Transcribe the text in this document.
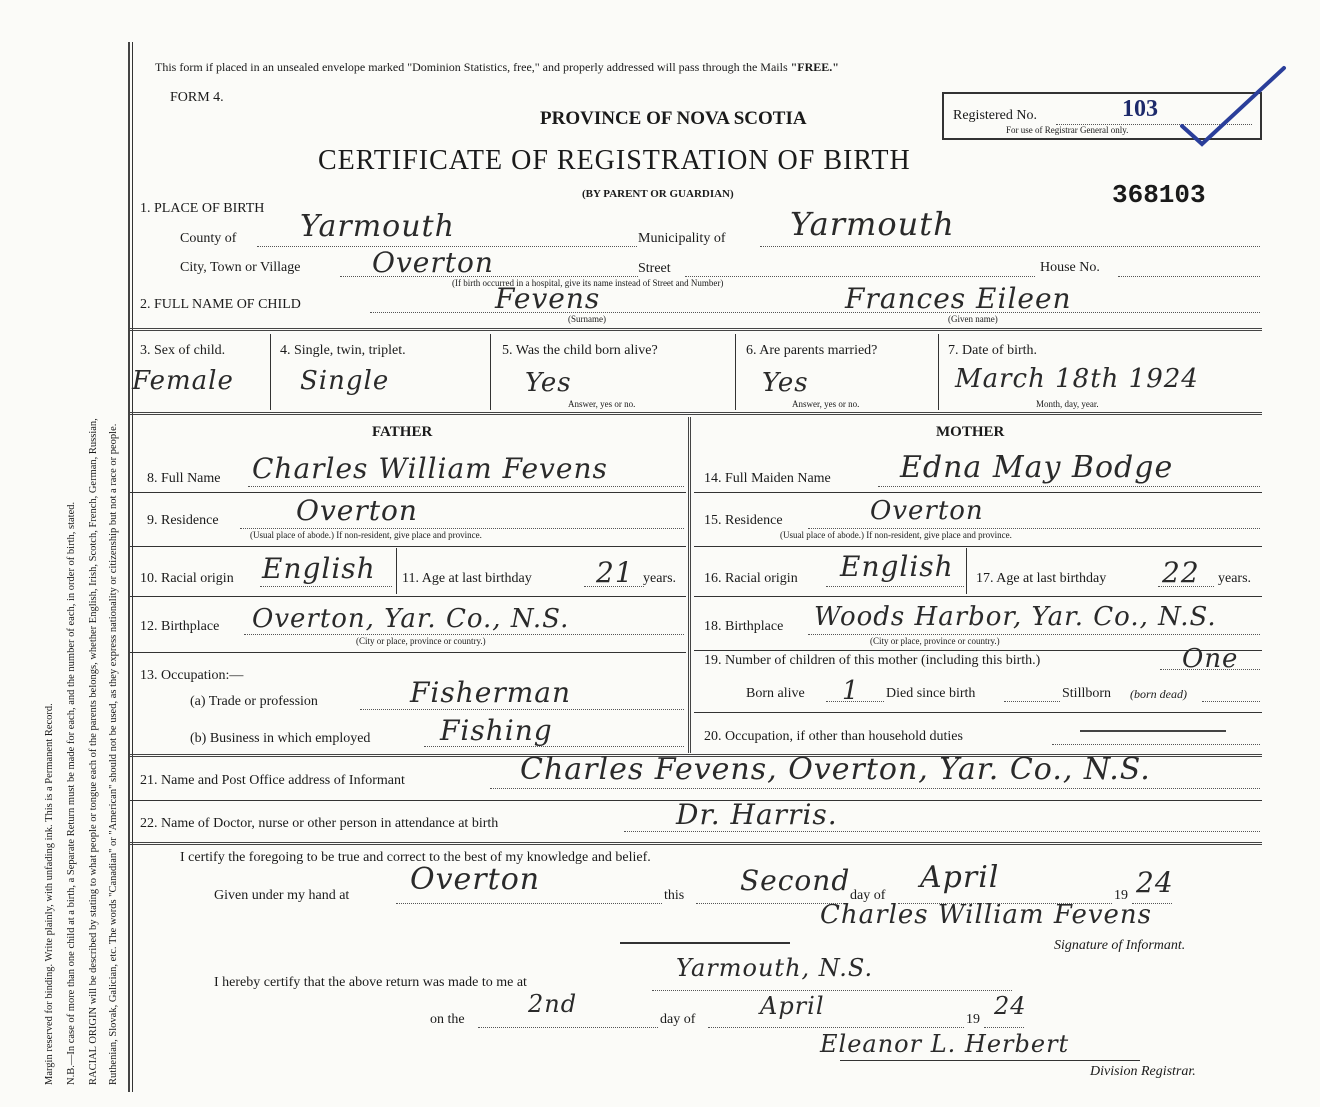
Margin reserved for binding. Write plainly, with unfading ink. This is a Permanent Record. N.B.—In case of more than one child at a birth, a Separate Return must be made for each, and the number of each, in order of birth, stated. RACIAL ORIGIN will be described by stating to what people or tongue each of the parents belongs, whether English, Irish, Scotch, French, German, Russian, Ruthenian, Slovak, Galician, etc. The words "Canadian" or "American" should not be used, as they express nationality or citizenship but not a race or people.
This form if placed in an unsealed envelope marked "Dominion Statistics, free," and properly addressed will pass through the Mails "FREE."
FORM 4.
PROVINCE OF NOVA SCOTIA
CERTIFICATE OF REGISTRATION OF BIRTH
(BY PARENT OR GUARDIAN)
Registered No.	103
For use of Registrar General only.
368103
1. PLACE OF BIRTH
County of Yarmouth	Municipality of Yarmouth
City, Town or Village	Overton	Street	House No.
(If birth occurred in a hospital, give its name instead of Street and Number)
2. FULL NAME OF CHILD	Fevens
(Surname)
Frances Eileen
(Given name)
3. Sex of child.
Female
4. Single, twin, triplet.
Single
5. Was the child born alive?
Yes
Answer, yes or no.
6. Are parents married?
Yes
Answer, yes or no.
7. Date of birth.
March 18th 1924
Month, day, year.
FATHER	MOTHER
8. Full Name Charles William Fevens
9. Residence	Overton
(Usual place of abode.) If non-resident, give place and province.
10. Racial origin English 11. Age at last birthday 21 years.
12. Birthplace Overton, Yar. Co., N.S.
(City or place, province or country.)
13. Occupation:—
(a) Trade or profession	Fisherman
(b) Business in which employed Fishing
14. Full Maiden Name Edna May Bodge
15. Residence	Overton
(Usual place of abode.) If non-resident, give place and province.
16. Racial origin English 17. Age at last birthday 22 years.
18. Birthplace Woods Harbor, Yar. Co., N.S.
(City or place, province or country.)
19. Number of children of this mother (including this birth.)	One
Born alive 1 Died since birth	Stillborn (born dead)
20. Occupation, if other than household duties
21. Name and Post Office address of Informant	Charles Fevens, Overton, Yar. Co., N.S.
22. Name of Doctor, nurse or other person in attendance at birth	Dr. Harris.
I certify the foregoing to be true and correct to the best of my knowledge and belief.
Given under my hand at Overton	this Second day of
April
19 24
Charles William Fevens
Signature of Informant.
I hereby certify that the above return was made to me at
Yarmouth, N.S.
on the
2nd
day of	April	19 24
Eleanor L. Herbert
Division Registrar.
